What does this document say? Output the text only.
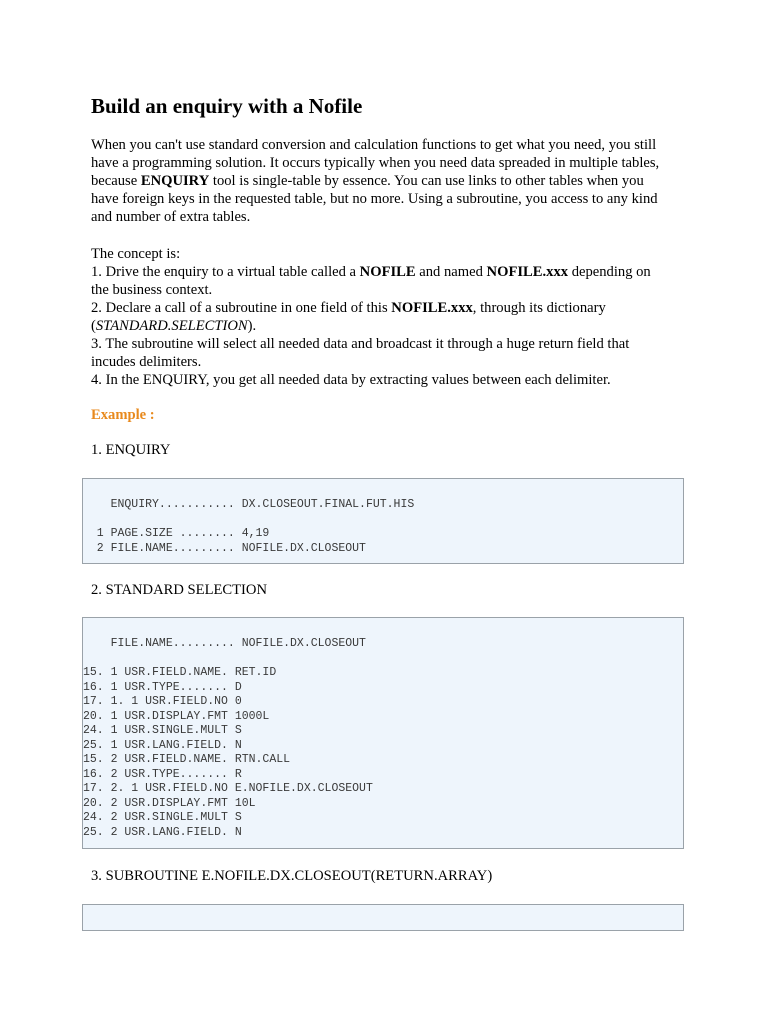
Build an enquiry with a Nofile
When you can't use standard conversion and calculation functions to get what you need, you still
have a programming solution. It occurs typically when you need data spreaded in multiple tables,
because ENQUIRY tool is single-table by essence. You can use links to other tables when you
have foreign keys in the requested table, but no more. Using a subroutine, you access to any kind
and number of extra tables.
The concept is:
1. Drive the enquiry to a virtual table called a NOFILE and named NOFILE.xxx depending on
the business context.
2. Declare a call of a subroutine in one field of this NOFILE.xxx, through its dictionary
(STANDARD.SELECTION).
3. The subroutine will select all needed data and broadcast it through a huge return field that
incudes delimiters.
4. In the ENQUIRY, you get all needed data by extracting values between each delimiter.
Example :
1. ENQUIRY
ENQUIRY........... DX.CLOSEOUT.FINAL.FUT.HIS

1 PAGE.SIZE ........ 4,19
2 FILE.NAME......... NOFILE.DX.CLOSEOUT
2. STANDARD SELECTION
FILE.NAME......... NOFILE.DX.CLOSEOUT

15. 1 USR.FIELD.NAME. RET.ID
16. 1 USR.TYPE....... D
17. 1. 1 USR.FIELD.NO 0
20. 1 USR.DISPLAY.FMT 1000L
24. 1 USR.SINGLE.MULT S
25. 1 USR.LANG.FIELD. N
15. 2 USR.FIELD.NAME. RTN.CALL
16. 2 USR.TYPE....... R
17. 2. 1 USR.FIELD.NO E.NOFILE.DX.CLOSEOUT
20. 2 USR.DISPLAY.FMT 10L
24. 2 USR.SINGLE.MULT S
25. 2 USR.LANG.FIELD. N
3. SUBROUTINE E.NOFILE.DX.CLOSEOUT(RETURN.ARRAY)
